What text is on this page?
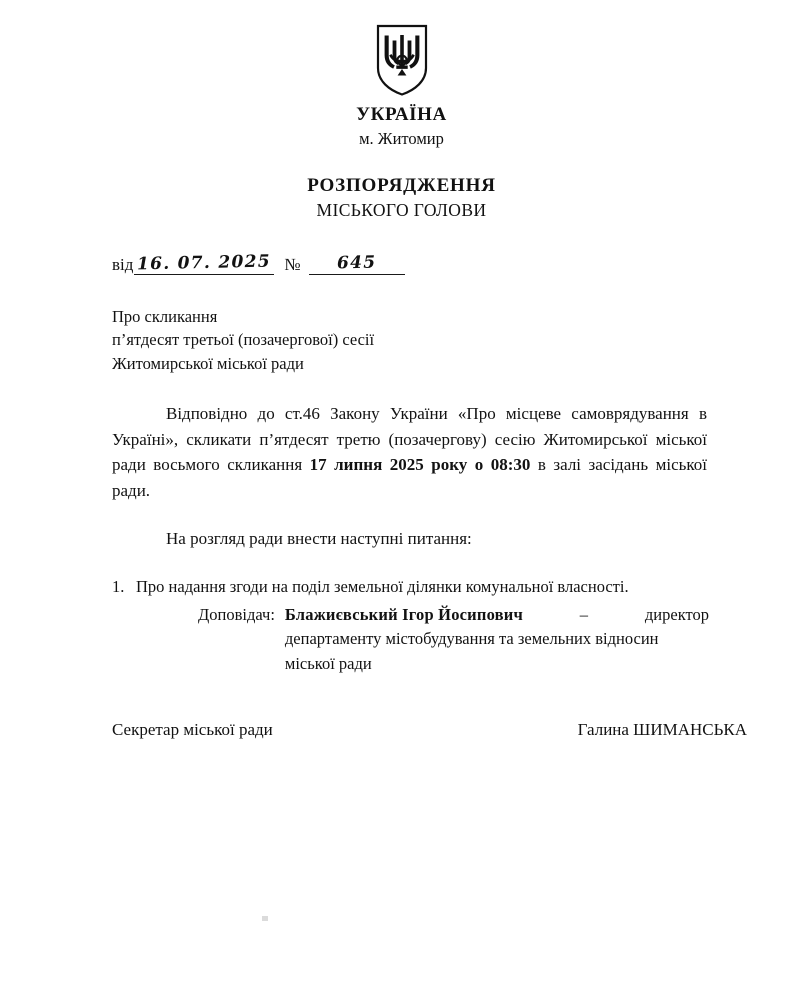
УКРАЇНА
м. Житомир
РОЗПОРЯДЖЕННЯ
МІСЬКОГО ГОЛОВИ
від 16. 07. 2025 №	645
Про скликання
п’ятдесят третьої (позачергової) сесії
Житомирської міської ради
Відповідно до ст.46 Закону України «Про місцеве самоврядування в Україні», скликати п’ятдесят третю (позачергову) сесію Житомирської міської ради восьмого скликання 17 липня 2025 року о 08:30 в залі засідань міської ради.
На розгляд ради внести наступні питання:
1. Про надання згоди на поділ земельної ділянки комунальної власності.
Доповідач: Блажиєвський Ігор Йосипович	–	директор
департаменту містобудування та земельних відносин
міської ради
Секретар міської ради	Галина ШИМАНСЬКА
